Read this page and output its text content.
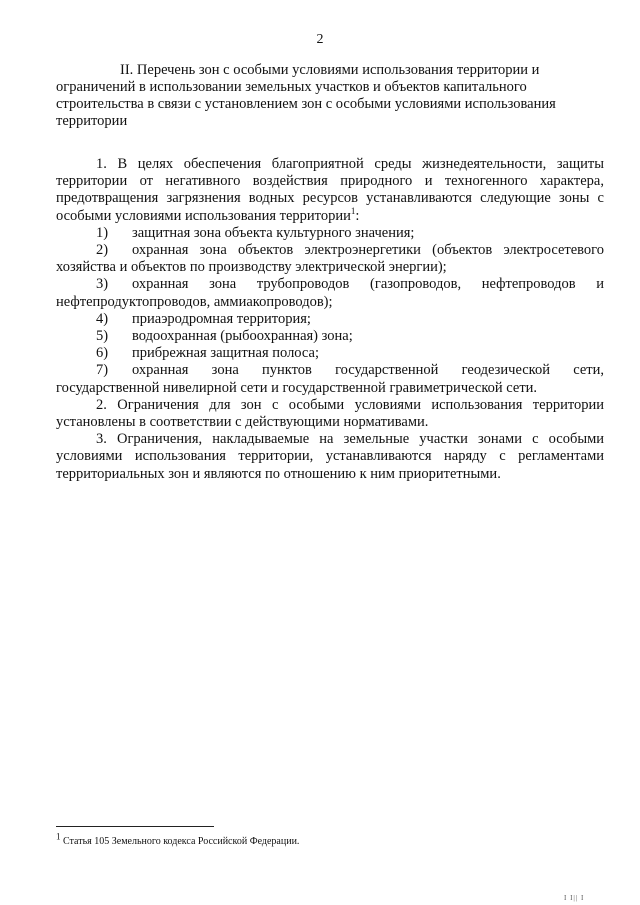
2

II. Перечень зон с особыми условиями использования территории и ограничений в использовании земельных участков и объектов капитального строительства в связи с установлением зон с особыми условиями использования территории

1. В целях обеспечения благоприятной среды жизнедеятельности, защиты территории от негативного воздействия природного и техногенного характера, предотвращения загрязнения водных ресурсов устанавливаются следующие зоны с особыми условиями использования территории$^1$:

1) защитная зона объекта культурного значения;

2) охранная зона объектов электроэнергетики (объектов электросетевого хозяйства и объектов по производству электрической энергии);

3) охранная зона трубопроводов (газопроводов, нефтепроводов и нефтепродуктопроводов, аммиакопроводов);

4) приаэродромная территория;

5) водоохранная (рыбоохранная) зона;

6) прибрежная защитная полоса;

7) охранная зона пунктов государственной геодезической сети, государственной нивелирной сети и государственной гравиметрической сети.

2. Ограничения для зон с особыми условиями использования территории установлены в соответствии с действующими нормативами.

3. Ограничения, накладываемые на земельные участки зонами с особыми условиями использования территории, устанавливаются наряду с регламентами территориальных зон и являются по отношению к ним приоритетными.

$^1$ Статья 105 Земельного кодекса Российской Федерации.
I I|| I
